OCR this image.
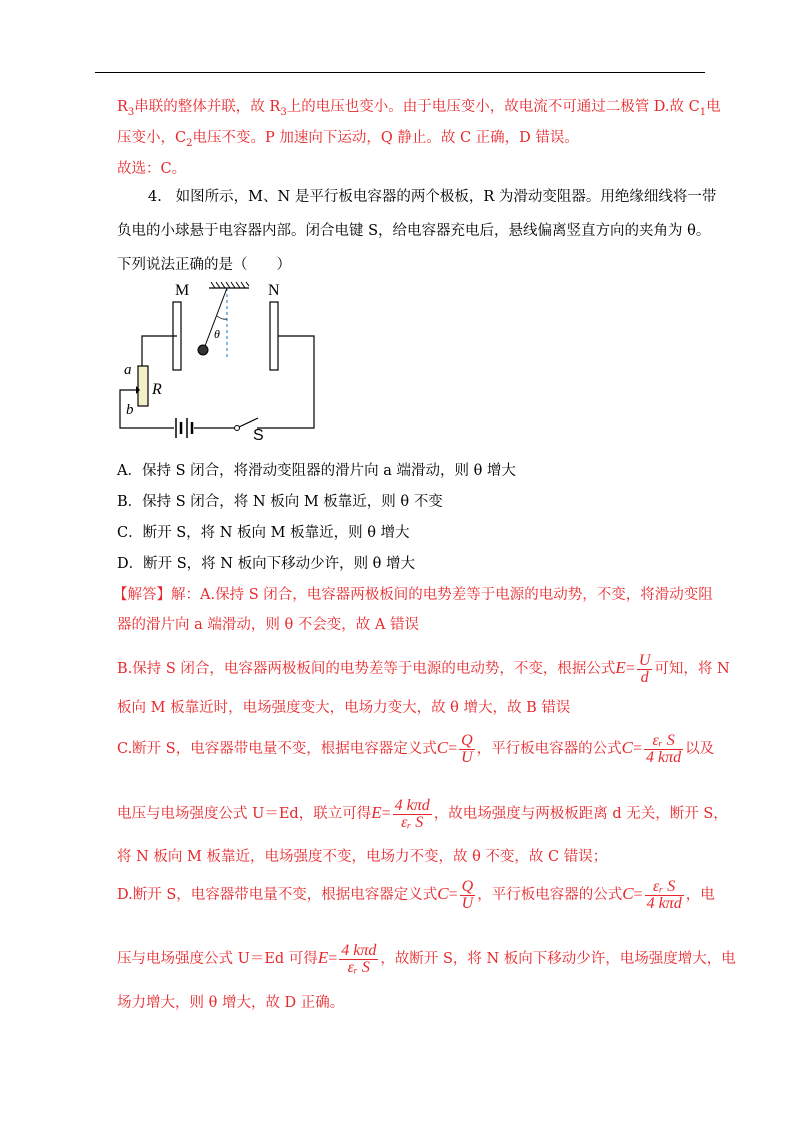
$R_3$串联的整体并联，故 $R_3$上的电压也变小。由于电压变小，故电流不可通过二极管 D.故 $C_1$电
压变小，$C_2$电压不变。P 加速向下运动，Q 静止。故 C 正确，D 错误。
故选：C。
4. 如图所示，M、N 是平行板电容器的两个极板，R 为滑动变阻器。用绝缘细线将一带
负电的小球悬于电容器内部。闭合电键 S，给电容器充电后，悬线偏离竖直方向的夹角为 θ。
下列说法正确的是（　　）
θ
M	N
a
b
R
S
A．保持 S 闭合，将滑动变阻器的滑片向 a 端滑动，则 θ 增大
B．保持 S 闭合，将 N 板向 M 板靠近，则 θ 不变
C．断开 S，将 N 板向 M 板靠近，则 θ 增大
D．断开 S，将 N 板向下移动少许，则 θ 增大
【解答】解：A.保持 S 闭合，电容器两极板间的电势差等于电源的电动势，不变，将滑动变阻
器的滑片向 a 端滑动，则 θ 不会变，故 A 错误
B.保持 S 闭合，电容器两极板间的电势差等于电源的电动势，不变，根据公式$E= \frac{U}{d}$ 可知，将 N
板向 M 板靠近时，电场强度变大，电场力变大，故 θ 增大，故 B 错误
C.断开 S，电容器带电量不变，根据电容器定义式$C= \frac{Q}{U}$ ，平行板电容器的公式$C= \frac{\text{εᵣ S}}{\text{4 kπd}}$ 以及
电压与电场强度公式 U＝Ed，联立可得$E= \frac{\text{4 kπd}}{\text{εᵣ S}}$ ，故电场强度与两极板距离 d 无关，断开 S，
将 N 板向 M 板靠近，电场强度不变，电场力不变，故 θ 不变，故 C 错误；
D.断开 S，电容器带电量不变，根据电容器定义式$C= \frac{Q}{U}$ ，平行板电容器的公式$C= \frac{\text{εᵣ S}}{\text{4 kπd}}$ ，电
压与电场强度公式 U＝Ed 可得$E= \frac{\text{4 kπd}}{\text{εᵣ S}}$ ，故断开 S，将 N 板向下移动少许，电场强度增大，电
场力增大，则 θ 增大，故 D 正确。
